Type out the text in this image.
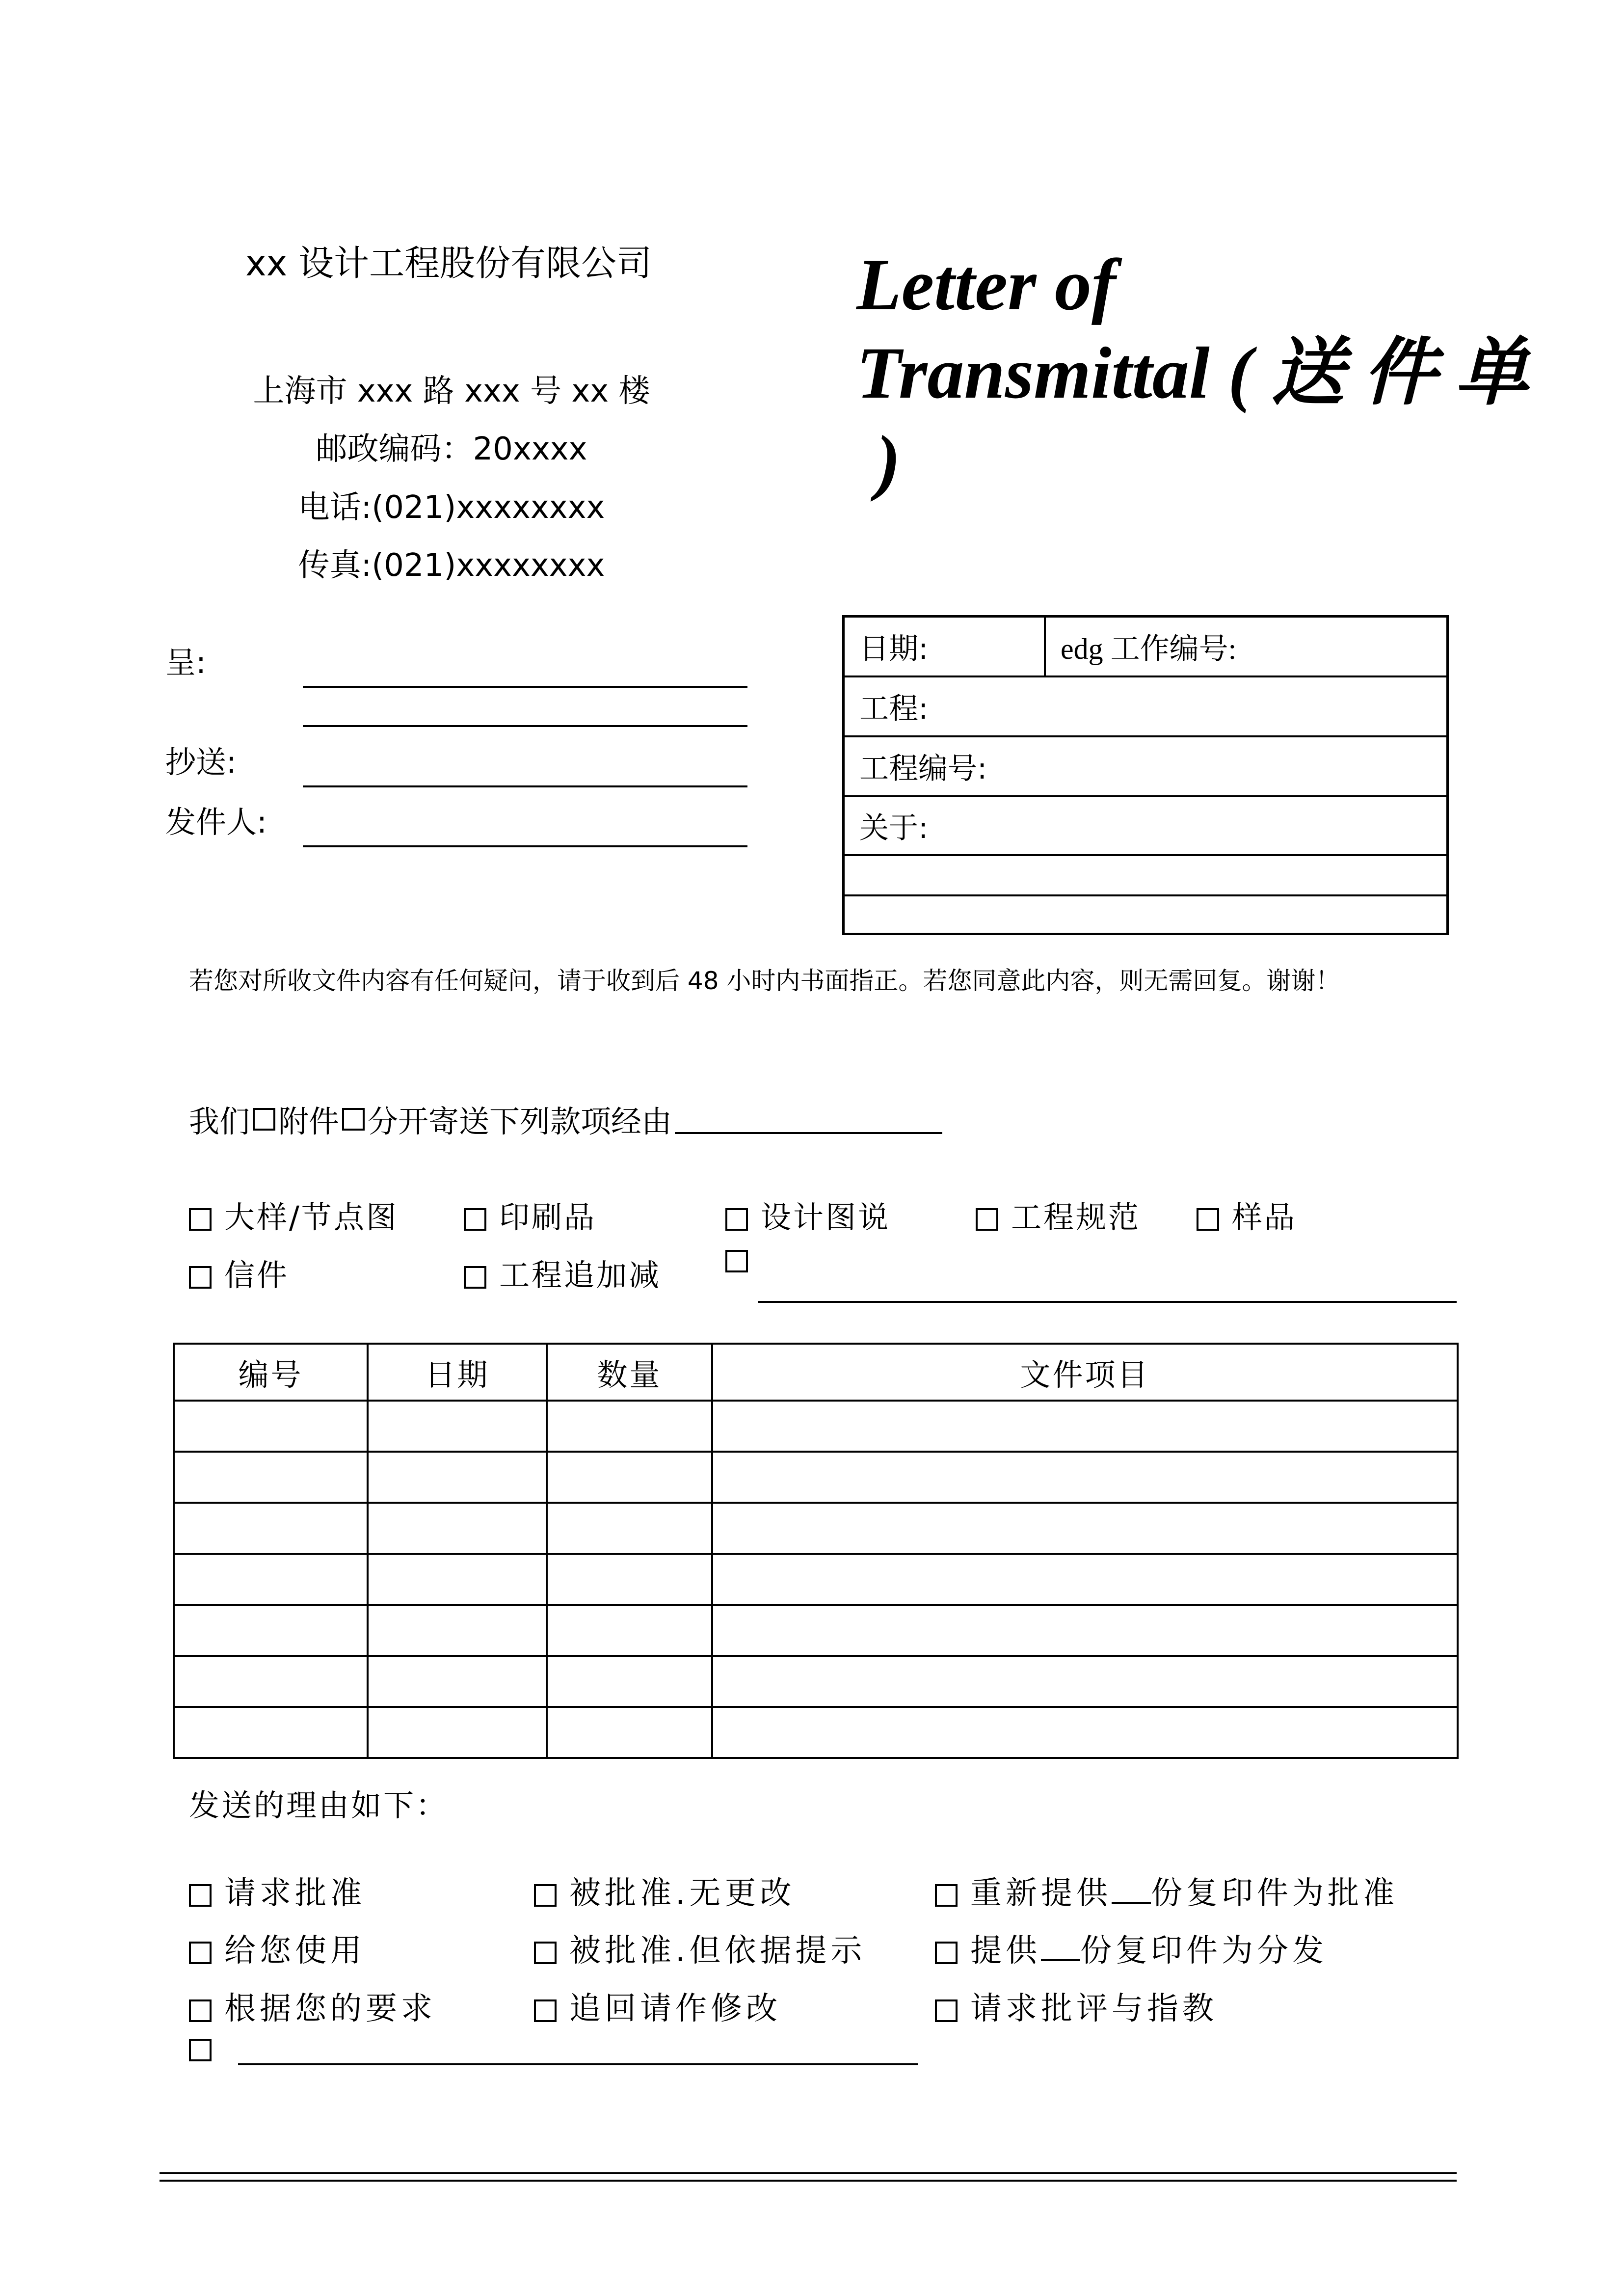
xx 设计工程股份有限公司
上海市 xxx 路 xxx 号 xx 楼
邮政编码：20xxxx
电话:(021)xxxxxxxx
传真:(021)xxxxxxxx
Letter of
Transmittal ( 送 件 单
)
呈:
抄送:
发件人:
日期:	edg 工作编号:
工程:
工程编号:
关于:
若您对所收文件内容有任何疑问，请于收到后 48 小时内书面指正。若您同意此内容，则无需回复。谢谢！
我们 附件 分开寄送下列款项经由
大样/节点图	印刷品	设计图说	工程规范	样品
信件	工程追加减
编号	日期	数量	文件项目

发送的理由如下：
请求批准	被批准.无更改	重新提供 份复印件为批准
给您使用	被批准.但依据提示	提供 份复印件为分发
根据您的要求	追回请作修改	请求批评与指教
